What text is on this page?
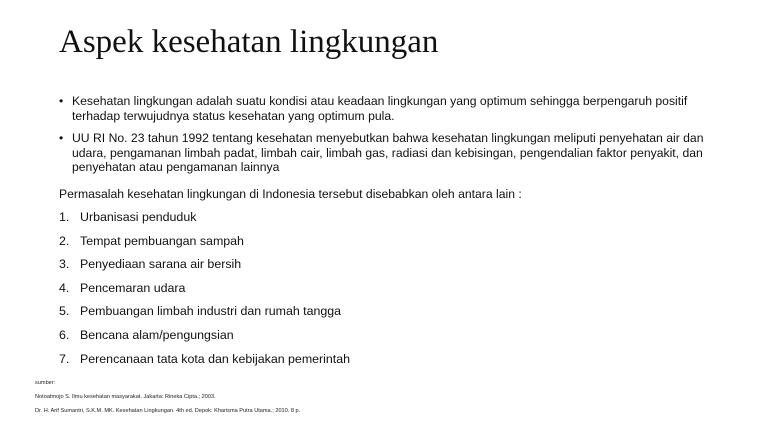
Aspek kesehatan lingkungan
• Kesehatan lingkungan adalah suatu kondisi atau keadaan lingkungan yang optimum sehingga berpengaruh positif terhadap terwujudnya status kesehatan yang optimum pula.
• UU RI No. 23 tahun 1992 tentang kesehatan menyebutkan bahwa kesehatan lingkungan meliputi penyehatan air dan udara, pengamanan limbah padat, limbah cair, limbah gas, radiasi dan kebisingan, pengendalian faktor penyakit, dan penyehatan atau pengamanan lainnya
Permasalah kesehatan lingkungan di Indonesia tersebut disebabkan oleh antara lain :
1. Urbanisasi penduduk
2. Tempat pembuangan sampah
3. Penyediaan sarana air bersih
4. Pencemaran udara
5. Pembuangan limbah industri dan rumah tangga
6. Bencana alam/pengungsian
7. Perencanaan tata kota dan kebijakan pemerintah
sumber:
Notoatmojo S. Ilmu kesehatan masyarakat. Jakarta: Rineka Cipta.; 2003.
Dr. H. Arif Sumantri, S.K.M. MK. Kesehatan Lingkungan. 4th ed. Depok: Kharisma Putra Utama.; 2010. 8 p.
